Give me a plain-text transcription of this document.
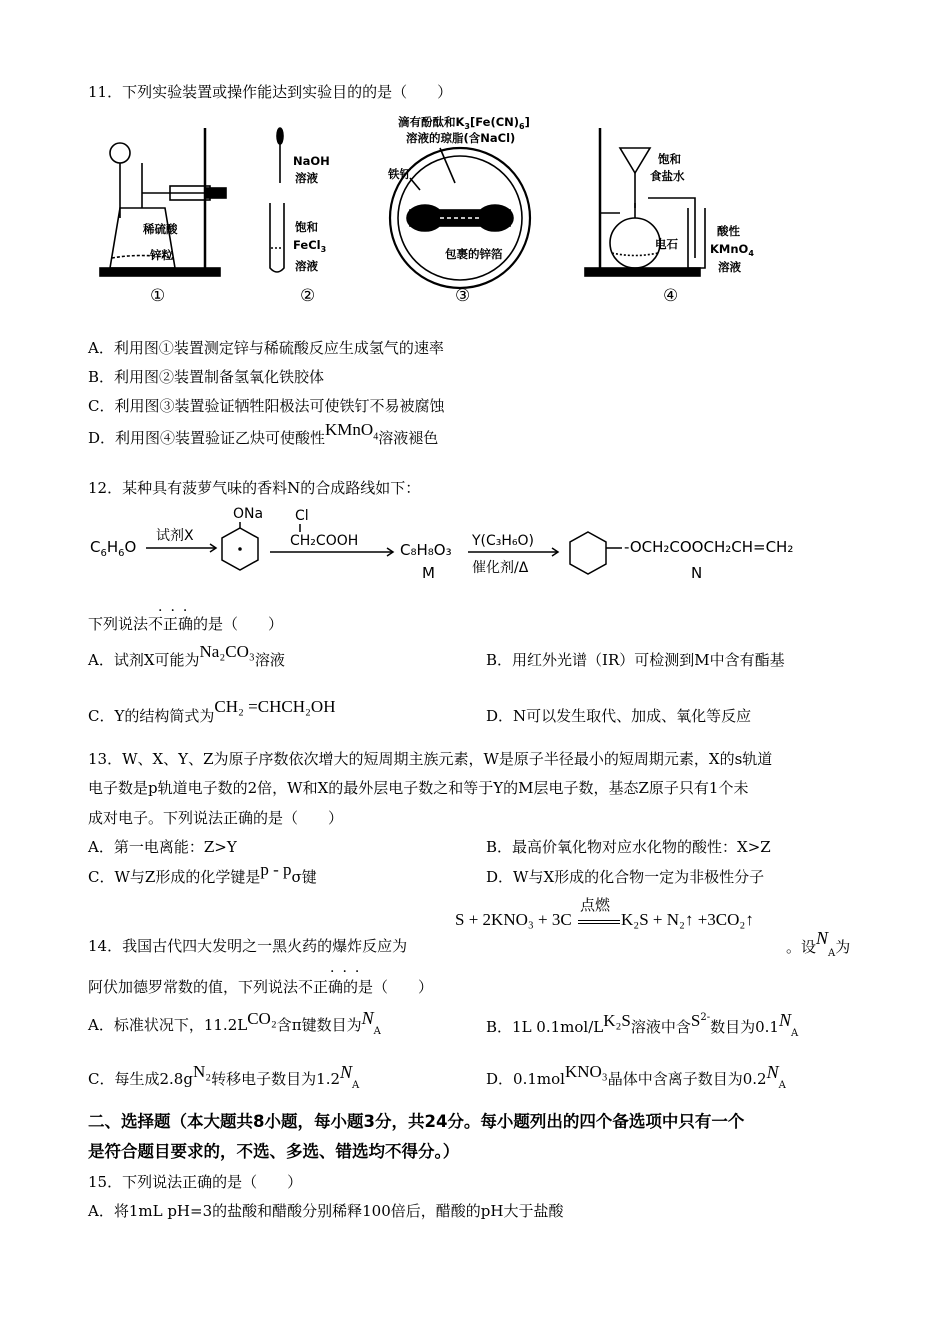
11．下列实验装置或操作能达到实验目的的是（　　）
稀硫酸
锌粒
NaOH
溶液
饱和
FeCl$_3$
溶液
滴有酚酞和$K_3[Fe(CN)_6]$
溶液的琼脂(含NaCl)
铁钉
包裹的锌箔
饱和
食盐水
电石
酸性
KMnO$_4$
溶液
①	②	③	④
A．利用图①装置测定锌与稀硫酸反应生成氢气的速率
B．利用图②装置制备氢氧化铁胶体
C．利用图③装置验证牺牲阳极法可使铁钉不易被腐蚀
D．利用图④装置验证乙炔可使酸性KMnO$_4$溶液褪色
12．某种具有菠萝气味的香料N的合成路线如下：
$C_6H_6O$
试剂X
ONa Cl
CH₂COOH	C₈H₈O₃
M
Y(C₃H₆O)
催化剂/Δ
-OCH₂COOCH₂CH=CH₂
N
···
下列说法不正确的是（　　）
A．试剂X可能为Na₂CO₃溶液	B．用红外光谱（IR）可检测到M中含有酯基
C．Y的结构简式为CH₂ =CHCH₂OH	D．N可以发生取代、加成、氧化等反应
13．W、X、Y、Z为原子序数依次增大的短周期主族元素，W是原子半径最小的短周期元素，X的s轨道
电子数是p轨道电子数的2倍，W和X的最外层电子数之和等于Y的M层电子数，基态Z原子只有1个未
成对电子。下列说法正确的是（　　）
A．第一电离能：Z>Y	B．最高价氧化物对应水化物的酸性：X>Z
C．W与Z形成的化学键是p - pσ键	D．W与X形成的化合物一定为非极性分子
14．我国古代四大发明之一黑火药的爆炸反应为
点燃
S + 2KNO₃ + 3C	K₂S + N₂↑ +3CO₂↑
。设$N_A$为
···
阿伏加德罗常数的值，下列说法不正确的是（　　）
A．标准状况下，11.2LCO₂含π键数目为$N_A$	B．1L 0.1mol/LK₂S溶液中含$S^{2-}$数目为$0.1N_A$
C．每生成2.8gN₂转移电子数目为$1.2N_A$	D．0.1molKNO₃晶体中含离子数目为$0.2N_A$
二、选择题（本大题共8小题，每小题3分，共24分。每小题列出的四个备选项中只有一个
是符合题目要求的，不选、多选、错选均不得分。）
15．下列说法正确的是（　　）
A．将1mL pH=3的盐酸和醋酸分别稀释100倍后，醋酸的pH大于盐酸
